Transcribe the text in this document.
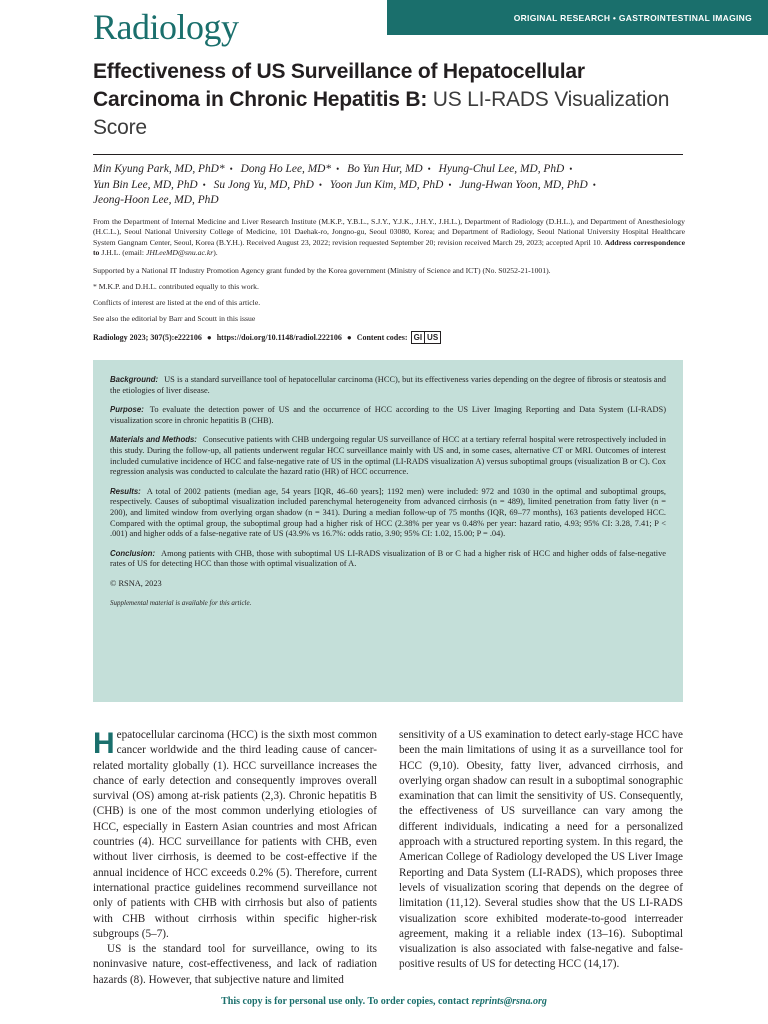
Radiology	ORIGINAL RESEARCH • GASTROINTESTINAL IMAGING
Effectiveness of US Surveillance of Hepatocellular Carcinoma in Chronic Hepatitis B: US LI-RADS Visualization Score
Min Kyung Park, MD, PhD* • Dong Ho Lee, MD* • Bo Yun Hur, MD • Hyung-Chul Lee, MD, PhD •
Yun Bin Lee, MD, PhD • Su Jong Yu, MD, PhD • Yoon Jun Kim, MD, PhD • Jung-Hwan Yoon, MD, PhD •
Jeong-Hoon Lee, MD, PhD
From the Department of Internal Medicine and Liver Research Institute (M.K.P., Y.B.L., S.J.Y., Y.J.K., J.H.Y., J.H.L.), Department of Radiology (D.H.L.), and Department of Anesthesiology (H.C.L.), Seoul National University College of Medicine, 101 Daehak-ro, Jongno-gu, Seoul 03080, Korea; and Department of Radiology, Seoul National University Hospital Healthcare System Gangnam Center, Seoul, Korea (B.Y.H.). Received August 23, 2022; revision requested September 20; revision received March 29, 2023; accepted April 10. Address correspondence to J.H.L. (email: JHLeeMD@snu.ac.kr).
Supported by a National IT Industry Promotion Agency grant funded by the Korea government (Ministry of Science and ICT) (No. S0252-21-1001).
* M.K.P. and D.H.L. contributed equally to this work.
Conflicts of interest are listed at the end of this article.
See also the editorial by Barr and Scoutt in this issue
Radiology 2023; 307(5):e222106 ● https://doi.org/10.1148/radiol.222106 ● Content codes: GI US

Background: US is a standard surveillance tool of hepatocellular carcinoma (HCC), but its effectiveness varies depending on the degree of fibrosis or steatosis and the etiologies of liver disease.

Purpose: To evaluate the detection power of US and the occurrence of HCC according to the US Liver Imaging Reporting and Data System (LI-RADS) visualization score in chronic hepatitis B (CHB).

Materials and Methods: Consecutive patients with CHB undergoing regular US surveillance of HCC at a tertiary referral hospital were retrospectively included in this study. During the follow-up, all patients underwent regular HCC surveillance mainly with US and, in some cases, alternative CT or MRI. Outcomes of interest included cumulative incidence of HCC and false-negative rate of US in the optimal (LI-RADS visualization A) versus suboptimal groups (visualization B or C). Cox regression analysis was conducted to calculate the hazard ratio (HR) of HCC occurrence.

Results: A total of 2002 patients (median age, 54 years [IQR, 46–60 years]; 1192 men) were included: 972 and 1030 in the optimal and suboptimal groups, respectively. Causes of suboptimal visualization included parenchymal heterogeneity from advanced cirrhosis (n = 489), limited penetration from fatty liver (n = 200), and limited window from overlying organ shadow (n = 341). During a median follow-up of 75 months (IQR, 69–77 months), 163 patients developed HCC. Compared with the optimal group, the suboptimal group had a higher risk of HCC (2.38% per year vs 0.48% per year: hazard ratio, 4.93; 95% CI: 3.28, 7.41; P < .001) and higher odds of a false-negative rate of US (43.9% vs 16.7%: odds ratio, 3.90; 95% CI: 1.02, 15.00; P = .04).

Conclusion: Among patients with CHB, those with suboptimal US LI-RADS visualization of B or C had a higher risk of HCC and higher odds of false-negative rates of US for detecting HCC than those with optimal visualization of A.

© RSNA, 2023

Supplemental material is available for this article.

Hepatocellular carcinoma (HCC) is the sixth most common cancer worldwide and the third leading cause of cancer-related mortality globally (1). HCC surveillance increases the chance of early detection and consequently improves overall survival (OS) among at-risk patients (2,3). Chronic hepatitis B (CHB) is one of the most common underlying etiologies of HCC, especially in Eastern Asian countries and most African countries (4). HCC surveillance for patients with CHB, even without liver cirrhosis, is deemed to be cost-effective if the annual incidence of HCC exceeds 0.2% (5). Therefore, current international practice guidelines recommend surveillance not only of patients with CHB with cirrhosis but also of patients with CHB without cirrhosis within specific higher-risk subgroups (5–7).

US is the standard tool for surveillance, owing to its noninvasive nature, cost-effectiveness, and lack of radiation hazards (8). However, that subjective nature and limited

sensitivity of a US examination to detect early-stage HCC have been the main limitations of using it as a surveillance tool for HCC (9,10). Obesity, fatty liver, advanced cirrhosis, and overlying organ shadow can result in a suboptimal sonographic examination that can limit the sensitivity of US. Consequently, the effectiveness of US surveillance can vary among the different individuals, indicating a need for a personalized approach with a structured reporting system. In this regard, the American College of Radiology developed the US Liver Image Reporting and Data System (LI-RADS), which proposes three levels of visualization scoring that depends on the degree of limitation (11,12). Several studies show that the US LI-RADS visualization score exhibited moderate-to-good interreader agreement, making it a reliable index (13–16). Suboptimal visualization is also associated with false-negative and false-positive results of US for detecting HCC (14,17).

This copy is for personal use only. To order copies, contact reprints@rsna.org
